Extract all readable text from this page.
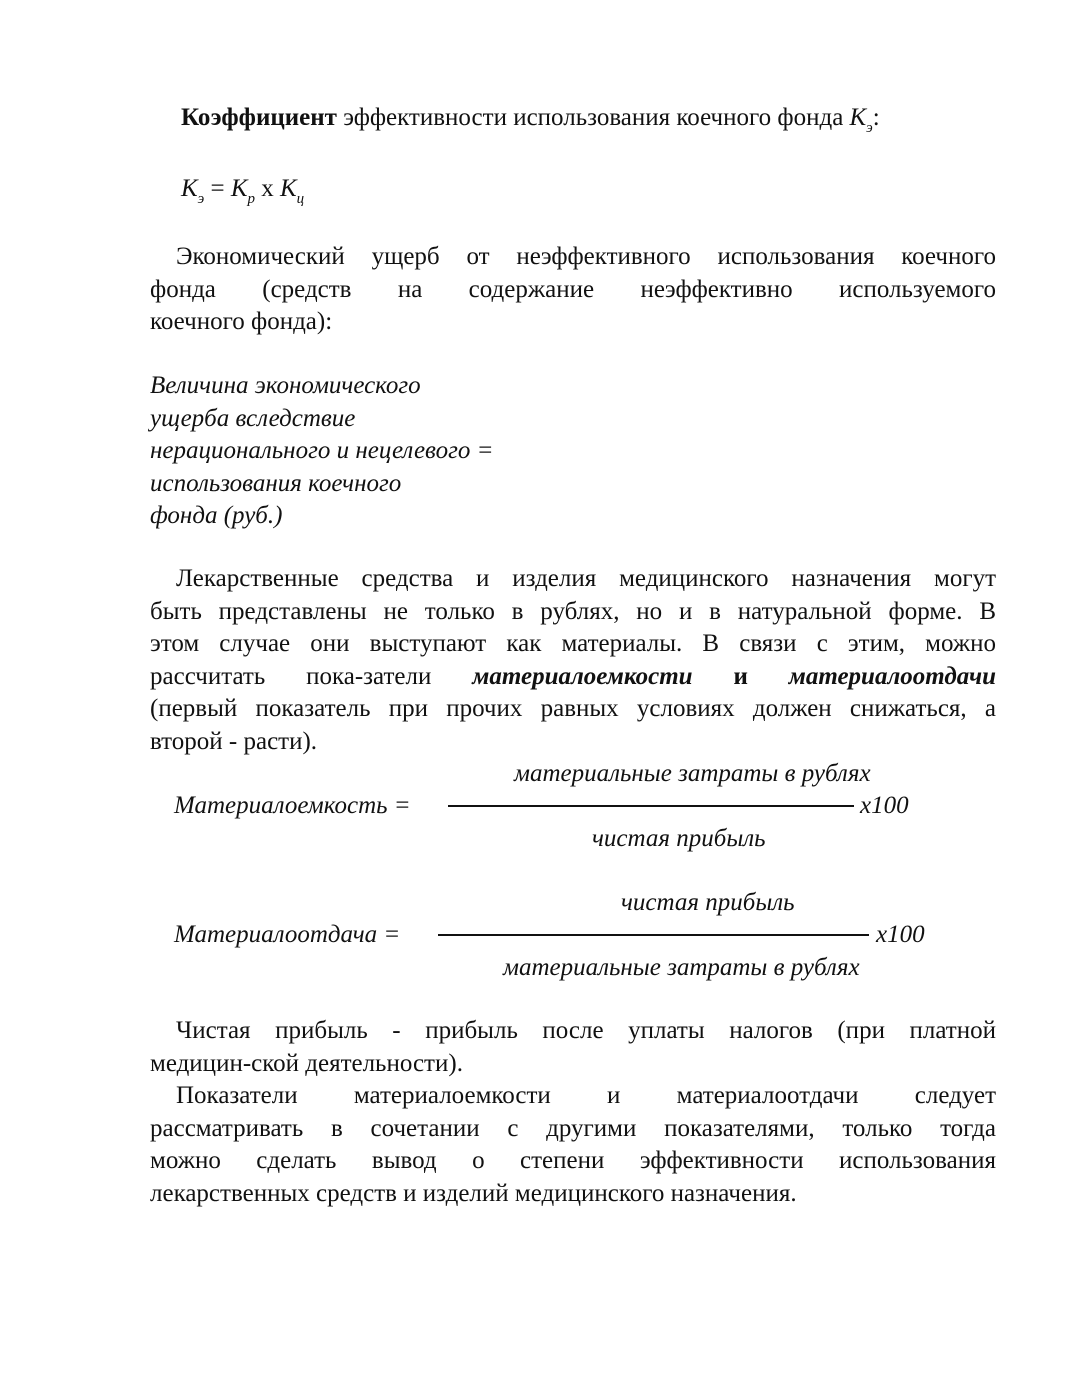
Коэффициент эффективности использования коечного фонда $К_э$:
$К_э = К_р$ x $К_ц$
Экономический ущерб от неэффективного использования коечного
фонда (средств на содержание неэффективно используемого
коечного фонда):
Величина экономического
ущерба вследствие
нерационального и нецелевого =
использования коечного
фонда (руб.)
Лекарственные средства и изделия медицинского назначения могут
быть представлены не только в рублях, но и в натуральной форме. В
этом случае они выступают как материалы. В связи с этим, можно
рассчитать пока-затели материалоемкости и материалоотдачи
(первый показатель при прочих равных условиях должен снижаться, а
второй - расти).
материальные затраты в рублях
Материалоемкость =	х100
чистая прибыль
чистая прибыль
Материалоотдача =	х100
материальные затраты в рублях
Чистая прибыль - прибыль после уплаты налогов (при платной
медицин-ской деятельности).
Показатели материалоемкости и материалоотдачи следует
рассматривать в сочетании с другими показателями, только тогда
можно сделать вывод о степени эффективности использования
лекарственных средств и изделий медицинского назначения.
